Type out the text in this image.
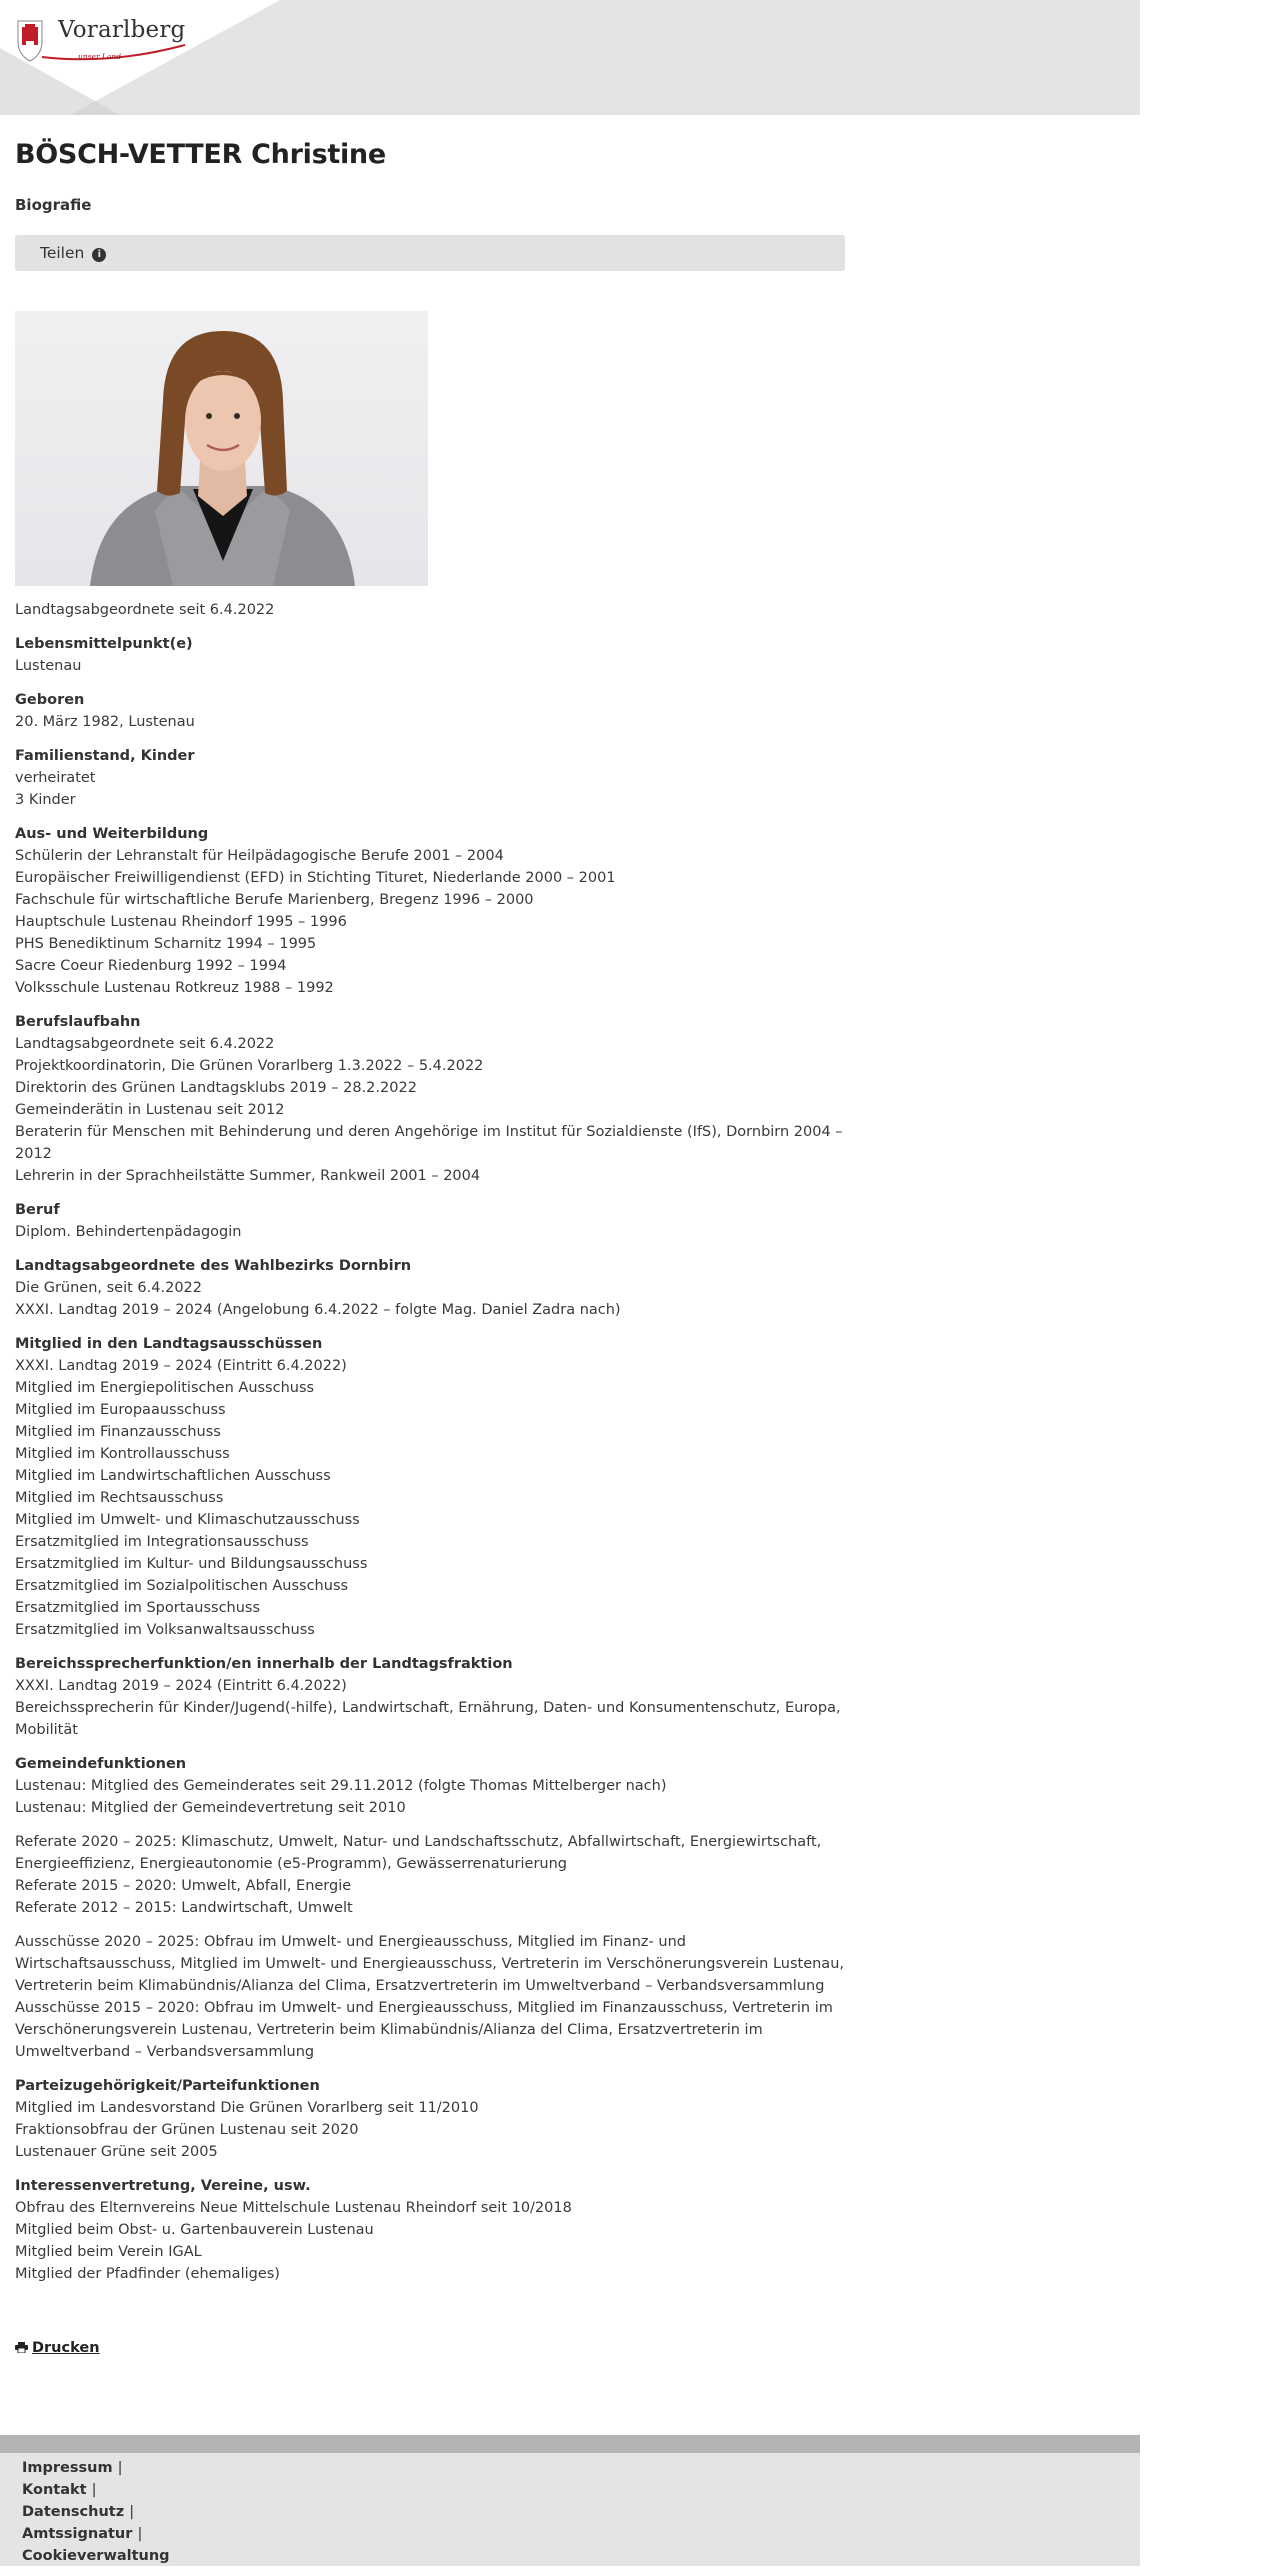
Vorarlberg
unser Land
BÖSCH-VETTER Christine
Biografie
Teilen i
Landtagsabgeordnete seit 6.4.2022
Lebensmittelpunkt(e)
Lustenau
Geboren
20. März 1982, Lustenau
Familienstand, Kinder
verheiratet
3 Kinder
Aus- und Weiterbildung
Schülerin der Lehranstalt für Heilpädagogische Berufe 2001 – 2004
Europäischer Freiwilligendienst (EFD) in Stichting Tituret, Niederlande 2000 – 2001
Fachschule für wirtschaftliche Berufe Marienberg, Bregenz 1996 – 2000
Hauptschule Lustenau Rheindorf 1995 – 1996
PHS Benediktinum Scharnitz 1994 – 1995
Sacre Coeur Riedenburg 1992 – 1994
Volksschule Lustenau Rotkreuz 1988 – 1992
Berufslaufbahn
Landtagsabgeordnete seit 6.4.2022
Projektkoordinatorin, Die Grünen Vorarlberg 1.3.2022 – 5.4.2022
Direktorin des Grünen Landtagsklubs 2019 – 28.2.2022
Gemeinderätin in Lustenau seit 2012
Beraterin für Menschen mit Behinderung und deren Angehörige im Institut für Sozialdienste (IfS), Dornbirn 2004 – 2012
Lehrerin in der Sprachheilstätte Summer, Rankweil 2001 – 2004
Beruf
Diplom. Behindertenpädagogin
Landtagsabgeordnete des Wahlbezirks Dornbirn
Die Grünen, seit 6.4.2022
XXXI. Landtag 2019 – 2024 (Angelobung 6.4.2022 – folgte Mag. Daniel Zadra nach)
Mitglied in den Landtagsausschüssen
XXXI. Landtag 2019 – 2024 (Eintritt 6.4.2022)
Mitglied im Energiepolitischen Ausschuss
Mitglied im Europaausschuss
Mitglied im Finanzausschuss
Mitglied im Kontrollausschuss
Mitglied im Landwirtschaftlichen Ausschuss
Mitglied im Rechtsausschuss
Mitglied im Umwelt- und Klimaschutzausschuss
Ersatzmitglied im Integrationsausschuss
Ersatzmitglied im Kultur- und Bildungsausschuss
Ersatzmitglied im Sozialpolitischen Ausschuss
Ersatzmitglied im Sportausschuss
Ersatzmitglied im Volksanwaltsausschuss
Bereichssprecherfunktion/en innerhalb der Landtagsfraktion
XXXI. Landtag 2019 – 2024 (Eintritt 6.4.2022)
Bereichssprecherin für Kinder/Jugend(-hilfe), Landwirtschaft, Ernährung, Daten- und Konsumentenschutz, Europa, Mobilität
Gemeindefunktionen
Lustenau: Mitglied des Gemeinderates seit 29.11.2012 (folgte Thomas Mittelberger nach)
Lustenau: Mitglied der Gemeindevertretung seit 2010
Referate 2020 – 2025: Klimaschutz, Umwelt, Natur- und Landschaftsschutz, Abfallwirtschaft, Energiewirtschaft, Energieeffizienz, Energieautonomie (e5-Programm), Gewässerrenaturierung
Referate 2015 – 2020: Umwelt, Abfall, Energie
Referate 2012 – 2015: Landwirtschaft, Umwelt
Ausschüsse 2020 – 2025: Obfrau im Umwelt- und Energieausschuss, Mitglied im Finanz- und Wirtschaftsausschuss, Mitglied im Umwelt- und Energieausschuss, Vertreterin im Verschönerungsverein Lustenau, Vertreterin beim Klimabündnis/Alianza del Clima, Ersatzvertreterin im Umweltverband – Verbandsversammlung
Ausschüsse 2015 – 2020: Obfrau im Umwelt- und Energieausschuss, Mitglied im Finanzausschuss, Vertreterin im Verschönerungsverein Lustenau, Vertreterin beim Klimabündnis/Alianza del Clima, Ersatzvertreterin im Umweltverband – Verbandsversammlung
Parteizugehörigkeit/Parteifunktionen
Mitglied im Landesvorstand Die Grünen Vorarlberg seit 11/2010
Fraktionsobfrau der Grünen Lustenau seit 2020
Lustenauer Grüne seit 2005
Interessenvertretung, Vereine, usw.
Obfrau des Elternvereins Neue Mittelschule Lustenau Rheindorf seit 10/2018
Mitglied beim Obst- u. Gartenbauverein Lustenau
Mitglied beim Verein IGAL
Mitglied der Pfadfinder (ehemaliges)
Drucken
Impressum |
Kontakt |
Datenschutz |
Amtssignatur |
Cookieverwaltung
